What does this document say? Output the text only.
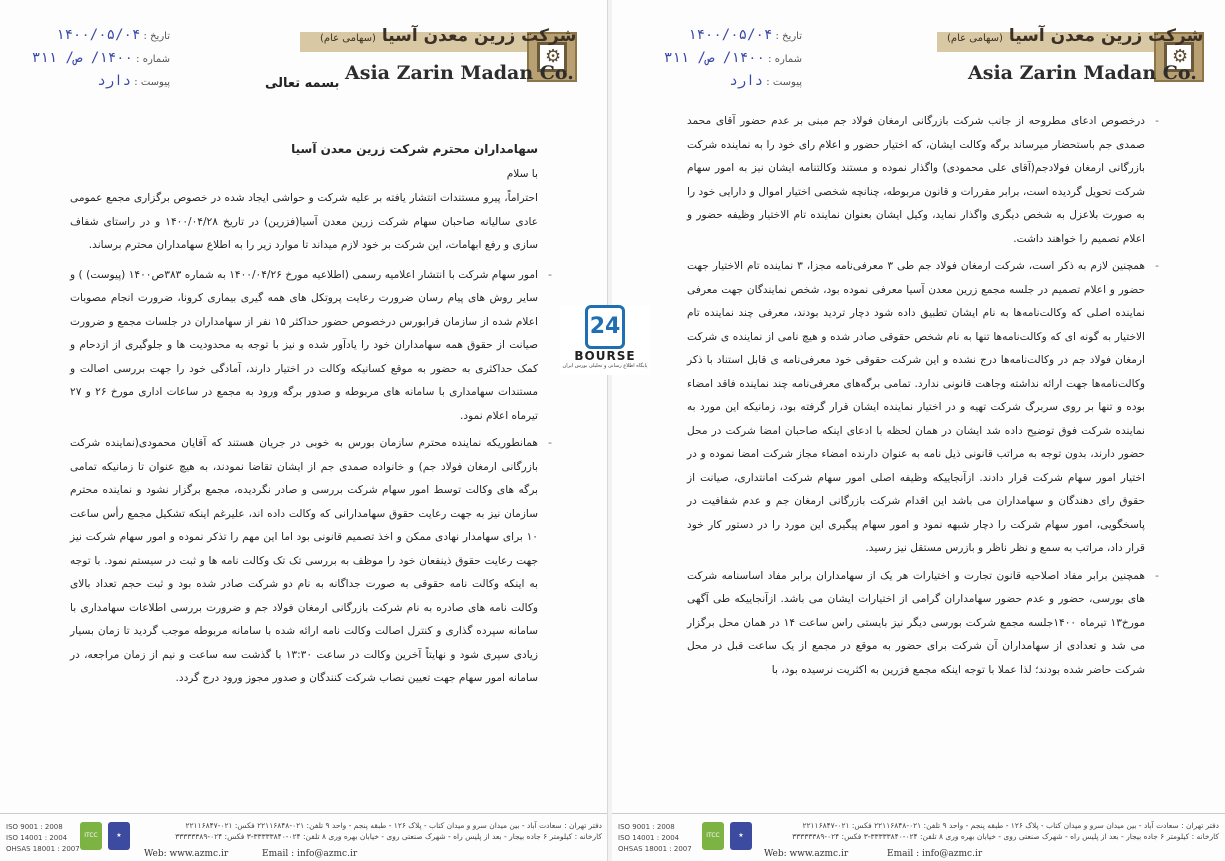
⚙
شرکت زرین معدن آسیا (سهامی عام)
Asia Zarin Madan Co.
تاریخ : ۱۴۰۰/۰۵/۰۴
شماره : ۱۴۰۰/ ص/ ۳۱۱
پیوست : دارد	بسمه تعالی

سهامداران محترم شرکت زرین معدن آسیا

با سلام

احتراماً، پیرو مستندات انتشار یافته بر علیه شرکت و حواشی ایجاد شده در خصوص برگزاری مجمع عمومی عادی سالیانه صاحبان سهام شرکت زرین معدن آسیا(فزرین) در تاریخ ۱۴۰۰/۰۴/۲۸ و در راستای شفاف سازی و رفع ابهامات، این شرکت بر خود لازم میداند تا موارد زیر را به اطلاع سهامداران محترم برساند.

- امور سهام شرکت با انتشار اعلامیه رسمی (اطلاعیه مورخ ۱۴۰۰/۰۴/۲۶ به شماره ۳۸۳ص۱۴۰۰ (پیوست) ) و سایر روش های پیام رسان ضرورت رعایت پروتکل های همه گیری بیماری کرونا، ضرورت انجام مصوبات اعلام شده از سازمان فرابورس درخصوص حضور حداکثر ۱۵ نفر از سهامداران در جلسات مجمع و ضرورت صیانت از حقوق همه سهامداران خود را یادآور شده و نیز با توجه به محدودیت ها و جلوگیری از ازدحام و کمک حداکثری به حضور به موقع کسانیکه وکالت در اختیار دارند، آمادگی خود را جهت بررسی اصالت و مستندات سهامداری با سامانه های مربوطه و صدور برگه ورود به مجمع در ساعات اداری مورخ ۲۶ و ۲۷ تیرماه اعلام نمود.

- همانطوریکه نماینده محترم سازمان بورس به خوبی در جریان هستند که آقایان محمودی(نماینده شرکت بازرگانی ارمغان فولاد جم) و خانواده صمدی جم از ایشان تقاضا نمودند، به هیچ عنوان تا زمانیکه تمامی برگه های وکالت توسط امور سهام شرکت بررسی و صادر نگردیده، مجمع برگزار نشود و نماینده محترم سازمان نیز به جهت رعایت حقوق سهامدارانی که وکالت داده اند، علیرغم اینکه تشکیل مجمع رأس ساعت ۱۰ برای سهامدار نهادی ممکن و اخذ تصمیم قانونی بود اما این مهم را تذکر نموده و امور سهام شرکت نیز جهت رعایت حقوق ذینفعان خود را موظف به بررسی تک تک وکالت نامه ها و ثبت در سیستم نمود. با توجه به اینکه وکالت نامه حقوقی به صورت جداگانه به نام دو شرکت صادر شده بود و ثبت حجم تعداد بالای وکالت نامه های صادره به نام شرکت بازرگانی ارمغان فولاد جم و ضرورت بررسی اطلاعات سهامداری با سامانه سپرده گذاری و کنترل اصالت وکالت نامه ارائه شده با سامانه مربوطه موجب گردید تا زمان بسیار زیادی سپری شود و نهایتاً آخرین وکالت در ساعت ۱۳:۳۰ با گذشت سه ساعت و نیم از زمان مراجعه، در سامانه امور سهام جهت تعیین نصاب شرکت کنندگان و صدور مجوز ورود درج گردد.

دفتر تهران : سعادت آباد - بین میدان سرو و میدان کتاب - پلاک ۱۲۶ - طبقه پنجم - واحد ۹ تلفن: ۰۲۱-۲۲۱۱۶۸۴۸ فکس: ۰۲۱-۲۲۱۱۶۸۴۷
کارخانه : کیلومتر ۶ جاده بیجار - بعد از پلیس راه - شهرک صنعتی روی - خیابان بهره وری ۸ تلفن: ۰۲۴-۳۳۳۳۳۸۴۰-۳ فکس: ۰۲۴-۳۳۳۳۳۳۸۹
Email : info@azmc.ir
Web: www.azmc.ir
ITCC	★
ISO 9001 : 2008
ISO 14001 : 2004
OHSAS 18001 : 2007
⚙
شرکت زرین معدن آسیا (سهامی عام)
Asia Zarin Madan Co.
تاریخ : ۱۴۰۰/۰۵/۰۴
شماره : ۱۴۰۰/ ص/ ۳۱۱
پیوست : دارد

- درخصوص ادعای مطروحه از جانب شرکت بازرگانی ارمغان فولاد جم مبنی بر عدم حضور آقای محمد صمدی جم باستحضار میرساند برگه وکالت ایشان، که اختیار حضور و اعلام رای خود را به نماینده شرکت بازرگانی ارمغان فولادجم(آقای علی محمودی) واگذار نموده و مستند وکالتنامه ایشان نیز به امور سهام شرکت تحویل گردیده است، برابر مقررات و قانون مربوطه، چنانچه شخصی اختیار اموال و دارایی خود را به صورت بلاعزل به شخص دیگری واگذار نماید، وکیل ایشان بعنوان نماینده تام الاختیار وظیفه حضور و اعلام تصمیم را خواهند داشت.

- همچنین لازم به ذکر است، شرکت ارمغان فولاد جم طی ۳ معرفی‌نامه مجزا، ۳ نماینده تام الاختیار جهت حضور و اعلام تصمیم در جلسه مجمع زرین معدن آسیا معرفی نموده بود، شخص نمایندگان جهت معرفی نماینده اصلی که وکالت‌نامه‌ها به نام ایشان تطبیق داده شود دچار تردید بودند، معرفی چند نماینده تام الاختیار به گونه ای که وکالت‌نامه‌ها تنها به نام شخص حقوقی صادر شده و هیچ نامی از نماینده ی شرکت ارمغان فولاد جم در وکالت‌نامه‌ها درج نشده و این شرکت حقوقی خود معرفی‌نامه ی قابل استناد با ذکر وکالت‌نامه‌ها جهت ارائه نداشته وجاهت قانونی ندارد. تمامی برگه‌های معرفی‌نامه چند نماینده فاقد امضاء بوده و تنها بر روی سربرگ شرکت تهیه و در اختیار نماینده ایشان قرار گرفته بود، زمانیکه این مورد به نماینده شرکت فوق توضیح داده شد ایشان در همان لحظه با ادعای اینکه صاحبان امضا شرکت در محل حضور دارند، بدون توجه به مراتب قانونی ذیل نامه به عنوان دارنده امضاء مجاز شرکت امضا نموده و در اختیار امور سهام شرکت قرار دادند. ازآنجاییکه وظیفه اصلی امور سهام شرکت امانتداری، صیانت از حقوق رای دهندگان و سهامداران می باشد این اقدام شرکت بازرگانی ارمغان جم و عدم شفافیت در پاسخگویی، امور سهام شرکت را دچار شبهه نمود و امور سهام پیگیری این مورد را در دستور کار خود قرار داد، مراتب به سمع و نظر ناظر و بازرس مستقل نیز رسید.

- همچنین برابر مفاد اصلاحیه قانون تجارت و اختیارات هر یک از سهامداران برابر مفاد اساسنامه شرکت های بورسی، حضور و عدم حضور سهامداران گرامی از اختیارات ایشان می باشد. ازآنجاییکه طی آگهی مورخ۱۳ تیرماه ۱۴۰۰جلسه مجمع شرکت بورسی دیگر نیز بایستی راس ساعت ۱۴ در همان محل برگزار می شد و تعدادی از سهامداران آن شرکت برای حضور به موقع در مجمع از یک ساعت قبل در محل شرکت حاضر شده بودند؛ لذا عملا با توجه اینکه مجمع فزرین به اکثریت نرسیده بود، با

دفتر تهران : سعادت آباد - بین میدان سرو و میدان کتاب - پلاک ۱۲۶ - طبقه پنجم - واحد ۹ تلفن: ۰۲۱-۲۲۱۱۶۸۴۸ فکس: ۰۲۱-۲۲۱۱۶۸۴۷
کارخانه : کیلومتر ۶ جاده بیجار - بعد از پلیس راه - شهرک صنعتی روی - خیابان بهره وری ۸ تلفن: ۰۲۴-۳۳۳۳۳۸۴۰-۳ فکس: ۰۲۴-۳۳۳۳۳۳۸۹
Email : info@azmc.ir
Web: www.azmc.ir
ITCC	★
ISO 9001 : 2008
ISO 14001 : 2004
OHSAS 18001 : 2007
24
BOURSE
پایگاه اطلاع رسانی و تحلیلی بورس ایران
